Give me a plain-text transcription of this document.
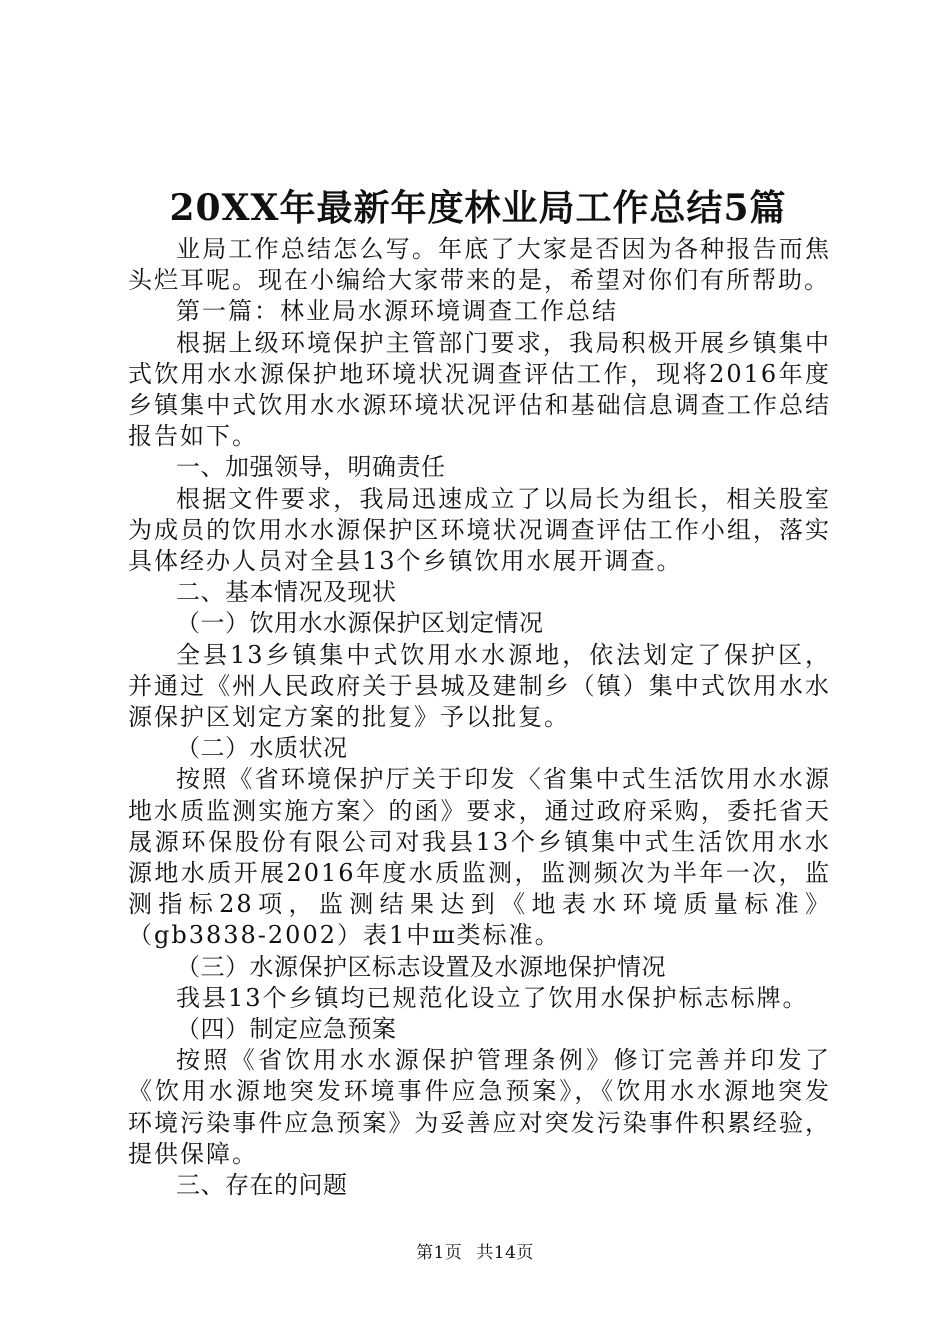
20XX年最新年度林业局工作总结5篇

业局工作总结怎么写。年底了大家是否因为各种报告而焦头烂耳呢。现在小编给大家带来的是，希望对你们有所帮助。

第一篇：林业局水源环境调查工作总结

根据上级环境保护主管部门要求，我局积极开展乡镇集中式饮用水水源保护地环境状况调查评估工作，现将2016年度乡镇集中式饮用水水源环境状况评估和基础信息调查工作总结报告如下。

一、加强领导，明确责任

根据文件要求，我局迅速成立了以局长为组长，相关股室为成员的饮用水水源保护区环境状况调查评估工作小组，落实具体经办人员对全县13个乡镇饮用水展开调查。

二、基本情况及现状

（一）饮用水水源保护区划定情况

全县13乡镇集中式饮用水水源地，依法划定了保护区，并通过《州人民政府关于县城及建制乡（镇）集中式饮用水水源保护区划定方案的批复》予以批复。

（二）水质状况

按照《省环境保护厅关于印发〈省集中式生活饮用水水源地水质监测实施方案〉的函》要求，通过政府采购，委托省天晟源环保股份有限公司对我县13个乡镇集中式生活饮用水水源地水质开展2016年度水质监测，监测频次为半年一次，监测指标28项，监测结果达到《地表水环境质量标准》（gb3838-2002）表1中ш类标准。

（三）水源保护区标志设置及水源地保护情况

我县13个乡镇均已规范化设立了饮用水保护标志标牌。

（四）制定应急预案

按照《省饮用水水源保护管理条例》修订完善并印发了《饮用水源地突发环境事件应急预案》，《饮用水水源地突发环境污染事件应急预案》为妥善应对突发污染事件积累经验，提供保障。

三、存在的问题

第1页 共14页
